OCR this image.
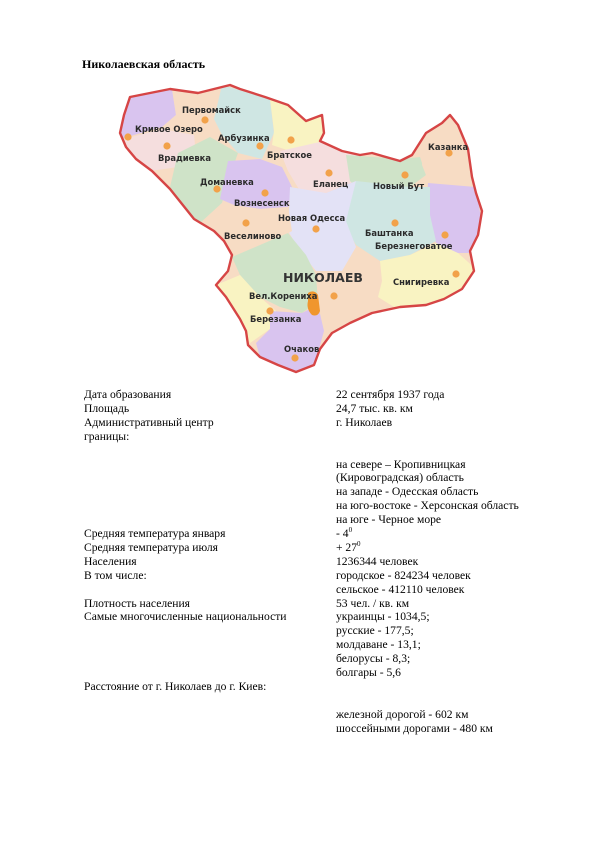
Николаевская область
Первомайск
Кривое Озеро
Арбузинка
Вpадиевка	Братское
Казанка
Доманевка	Еланец	Новый Бут
Вознесенск
Новая Одесса
Веселиново	Баштанка
Березнеговатое
Снигиревка
Вел.Корениха
Березанка
Очаков
НИКОЛАЕВ
Дата образования	22 сентября 1937 года
Площадь	24,7 тыс. кв. км
Административный центр	г. Николаев
границы:
на севере – Кропивницкая
(Кировоградская) область
на западе - Одесская область
на юго-востоке - Херсонская область
на юге - Черное море
Средняя температура января	- $4^0$
Средняя температура июля	+ $27^0$
Населения	1236344 человек
В том числе:	городское - 824234 человек
сельское - 412110 человек
Плотность населения	53 чел. / кв. км
Самые многочисленные национальности	украинцы - 1034,5;
русские - 177,5;
молдаване - 13,1;
белорусы - 8,3;
болгары - 5,6
Расстояние от г. Николаев до г. Киев:
железной дорогой - 602 км
шоссейными дорогами - 480 км
